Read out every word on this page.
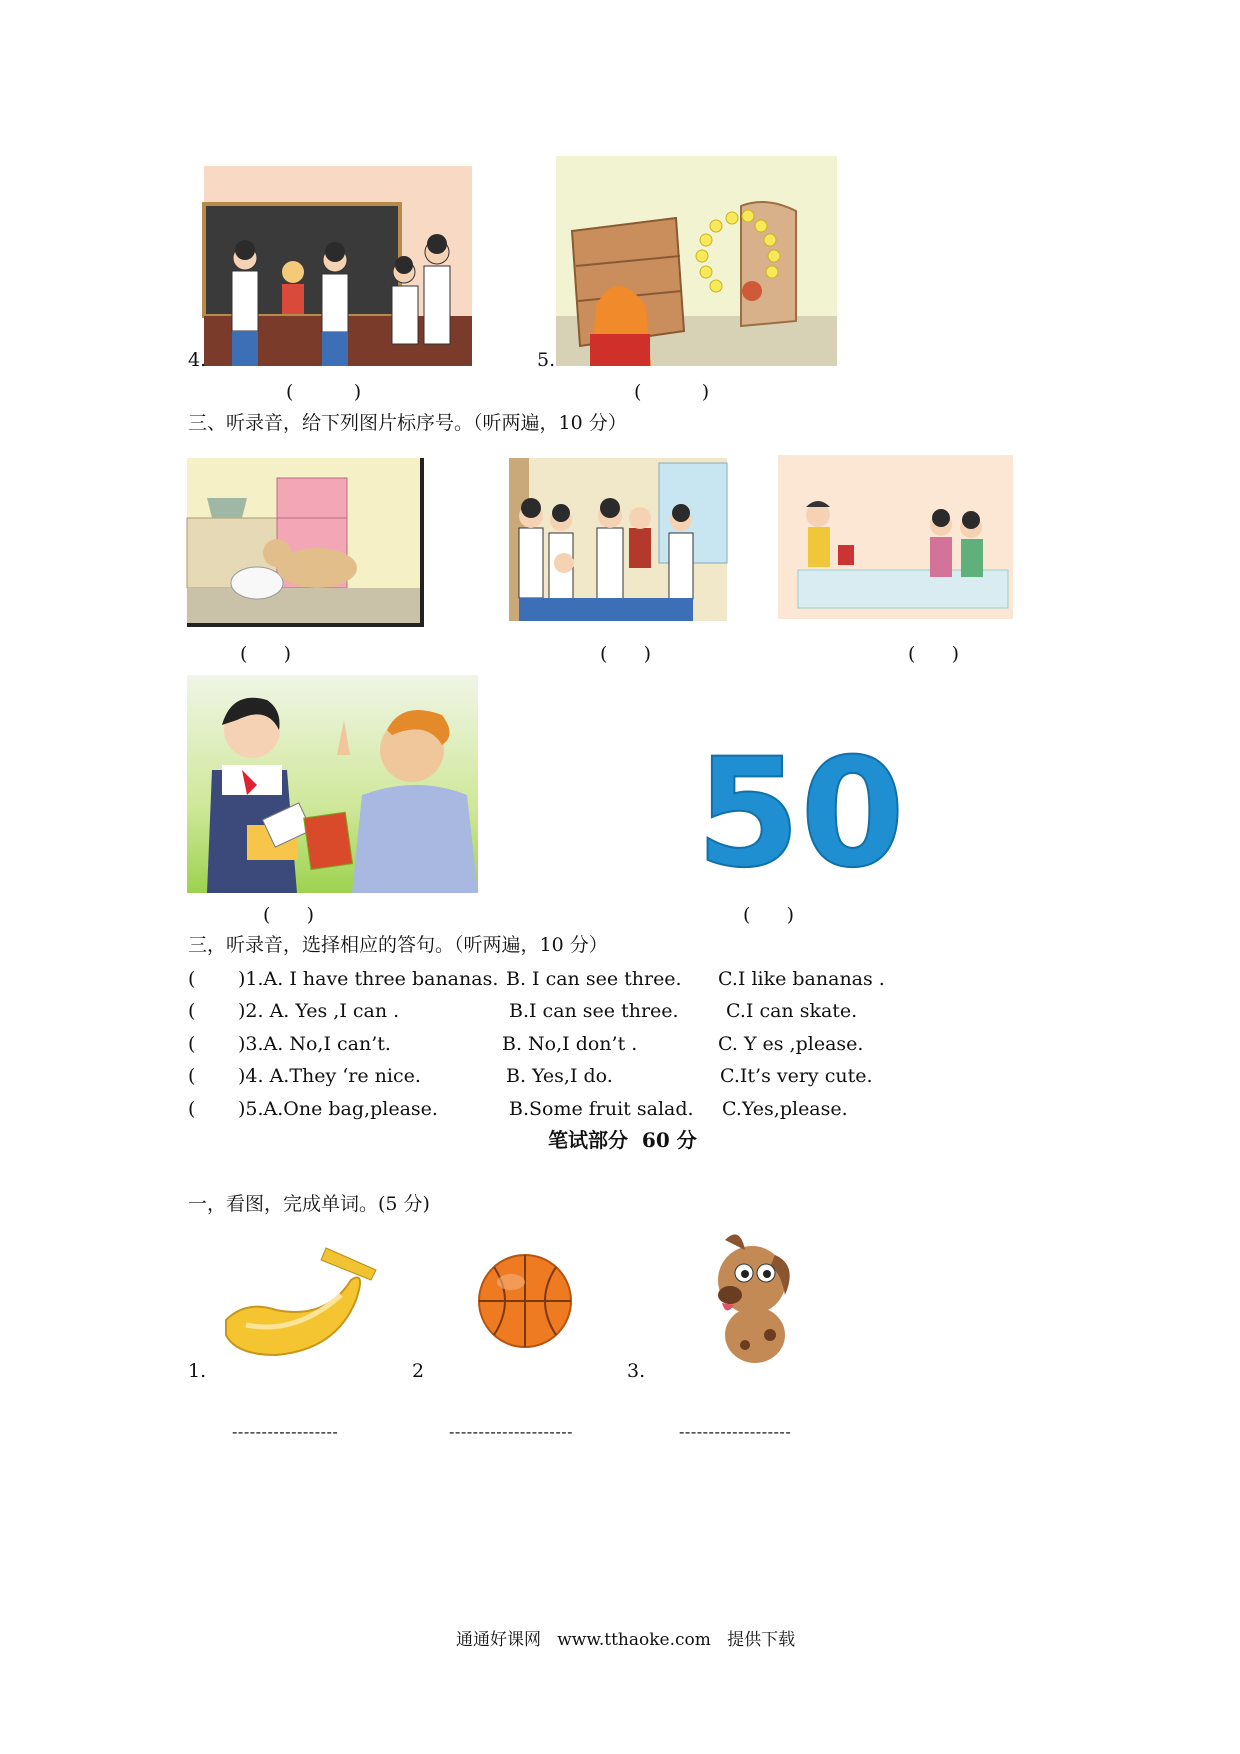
4.	5.
(          )	(          )
三、听录音，给下列图片标序号。（听两遍，10 分）
(      )	(      )	(      )
50
(      )	(      )
三，听录音，选择相应的答句。（听两遍，10 分）
( )1.A. I have three bananas. B. I can see three. C.I like bananas .
( )2. A. Yes ,I can .	B.I can see three. C.I can skate.
( )3.A. No,I can’t.	B. No,I don’t .	C. Y es ,please.
( )4. A.They ‘re nice.	B. Yes,I do.	C.It’s very cute.
( )5.A.One bag,please.	B.Some fruit salad. C.Yes,please.
笔试部分  60 分
一，看图，完成单词。(5 分)
1.	2	3.
------------------	---------------------	-------------------
通通好课网   www.tthaoke.com   提供下载
